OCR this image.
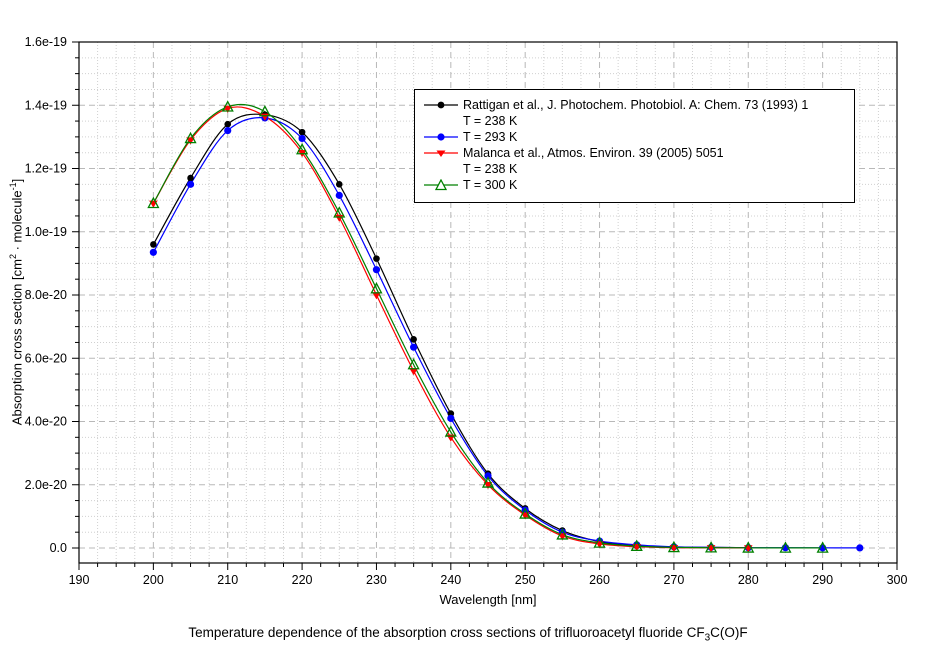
190	200	210	220	230	240	250	260	270	280	290	300
0.0
2.0e-20
4.0e-20
6.0e-20
8.0e-20
1.0e-19
1.2e-19
1.4e-19
1.6e-19
Rattigan et al., J. Photochem. Photobiol. A: Chem. 73 (1993) 1
T = 238 K
T = 293 K
Malanca et al., Atmos. Environ. 39 (2005) 5051
T = 238 K
T = 300 K
Wavelength [nm]
Absorption cross section [$cm^2$ · molecule$^{-1}$]
Temperature dependence of the absorption cross sections of trifluoroacetyl fluoride $CF_3C(O)F$
